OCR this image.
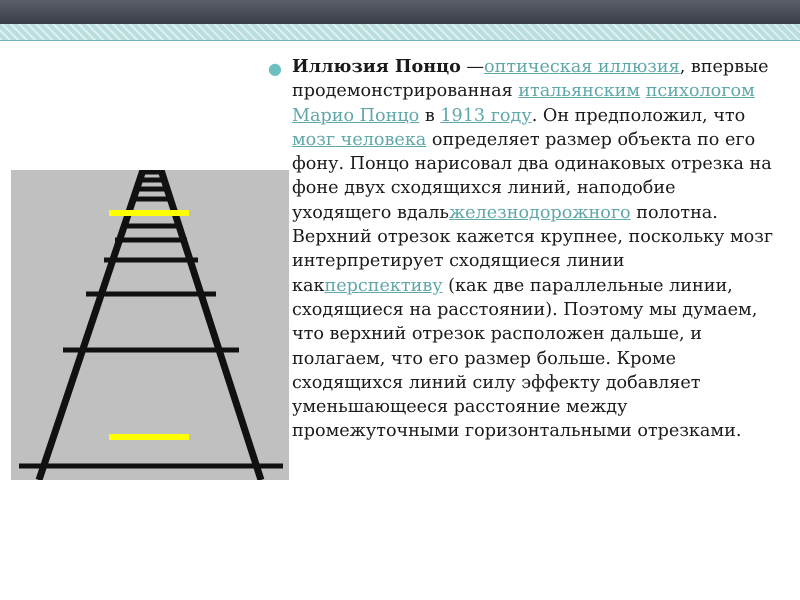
● Иллюзия Понцо —оптическая иллюзия, впервые продемонстрированная итальянским психологом Марио Понцо в 1913 году. Он предположил, что мозг человека определяет размер объекта по его фону. Понцо нарисовал два одинаковых отрезка на фоне двух сходящихся линий, наподобие уходящего вдальжелезнодорожного полотна. Верхний отрезок кажется крупнее, поскольку мозг интерпретирует сходящиеся линии какперспективу (как две параллельные линии, сходящиеся на расстоянии). Поэтому мы думаем, что верхний отрезок расположен дальше, и полагаем, что его размер больше. Кроме сходящихся линий силу эффекту добавляет уменьшающееся расстояние между промежуточными горизонтальными отрезками.
